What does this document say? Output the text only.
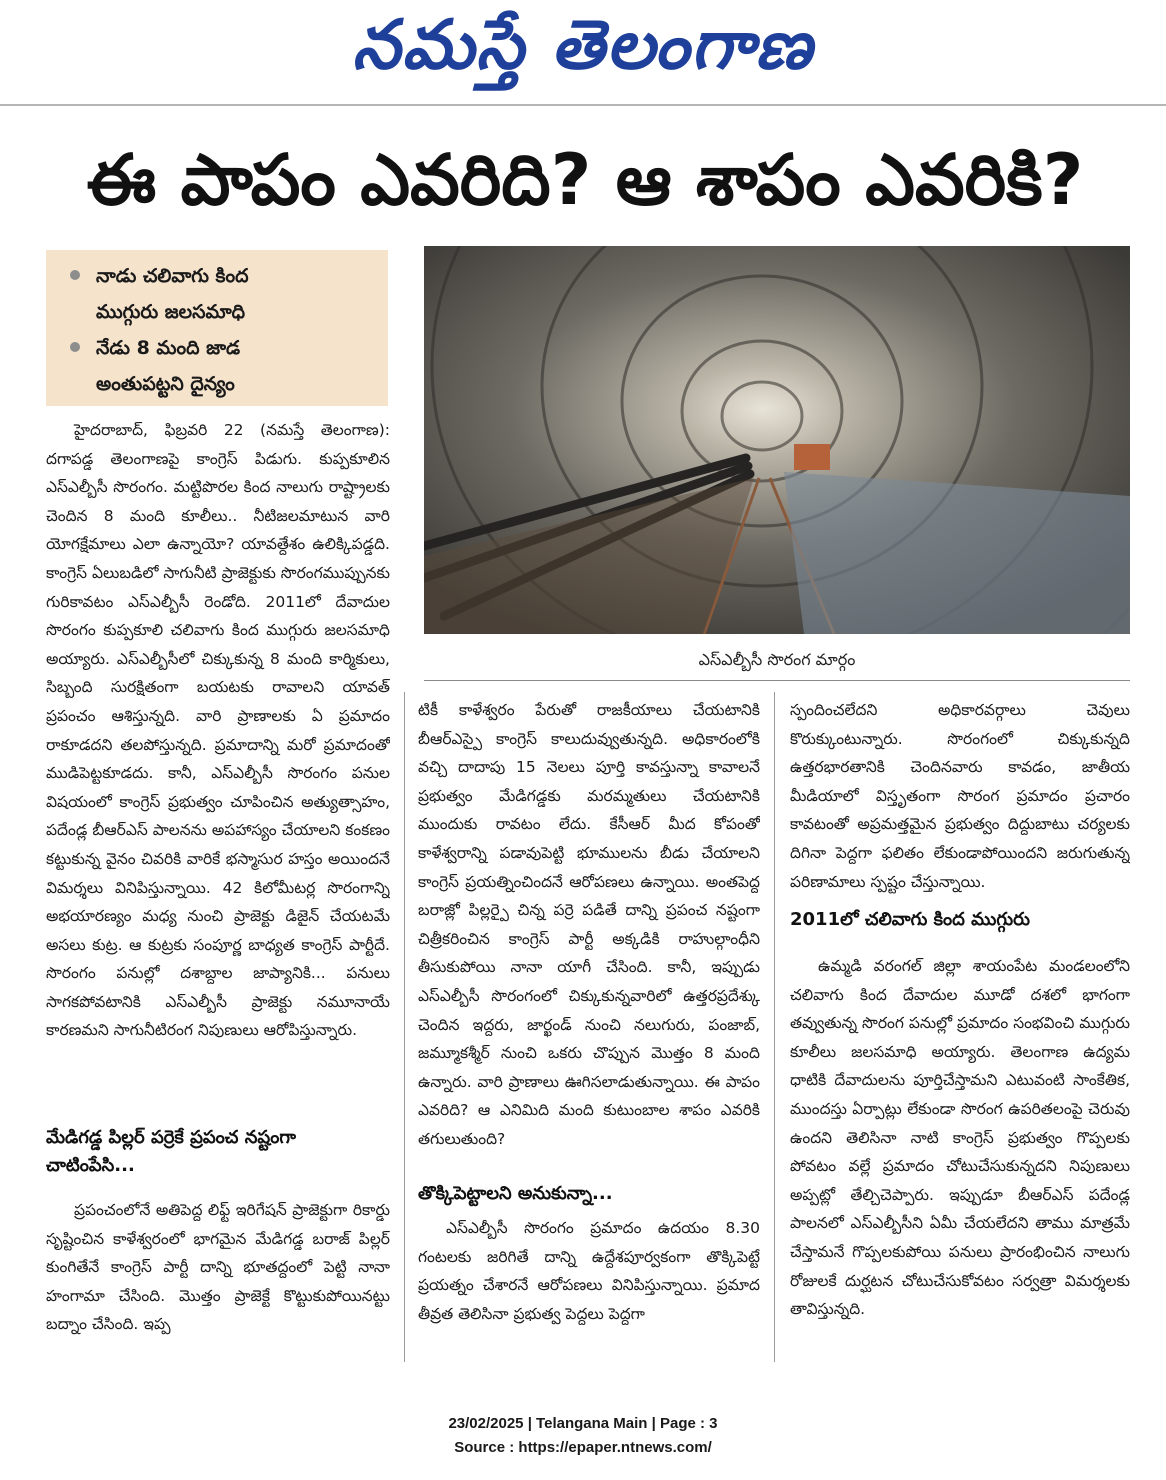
నమస్తే తెలంగాణ
ఈ పాపం ఎవరిది? ఆ శాపం ఎవరికి?
నాడు చలివాగు కింద
ముగ్గురు జలసమాధి
నేడు 8 మంది జాడ
అంతుపట్టని దైన్యం
ఎస్ఎల్బీసీ సొరంగ మార్గం

హైదరాబాద్, ఫిబ్రవరి 22 (నమస్తే తెలంగాణ): దగాపడ్డ తెలంగాణపై కాంగ్రెస్ పిడుగు. కుప్పకూలిన ఎస్ఎల్బీసీ సొరంగం. మట్టిపొరల కింద నాలుగు రాష్ట్రాలకు చెందిన 8 మంది కూలీలు.. నీటిజలమాటున వారి యోగక్షేమాలు ఎలా ఉన్నాయో? యావత్దేశం ఉలిక్కిపడ్డది. కాంగ్రెస్ ఏలుబడిలో సాగునీటి ప్రాజెక్టుకు సొరంగముప్పునకు గురికావటం ఎస్ఎల్బీసీ రెండోది. 2011లో దేవాదుల సొరంగం కుప్పకూలి చలివాగు కింద ముగ్గురు జలసమాధి అయ్యారు. ఎస్ఎల్బీసీలో చిక్కుకున్న 8 మంది కార్మికులు, సిబ్బంది సురక్షితంగా బయటకు రావాలని యావత్ ప్రపంచం ఆశిస్తున్నది. వారి ప్రాణాలకు ఏ ప్రమాదం రాకూడదని తలపోస్తున్నది. ప్రమాదాన్ని మరో ప్రమాదంతో ముడిపెట్టకూడదు. కానీ, ఎస్ఎల్బీసీ సొరంగం పనుల విషయంలో కాంగ్రెస్ ప్రభుత్వం చూపించిన అత్యుత్సాహం, పదేండ్ల బీఆర్ఎస్ పాలనను అపహాస్యం చేయాలని కంకణం కట్టుకున్న వైనం చివరికి వారికే భస్మాసుర హస్తం అయిందనే విమర్శలు వినిపిస్తున్నాయి. 42 కిలోమీటర్ల సొరంగాన్ని అభయారణ్యం మధ్య నుంచి ప్రాజెక్టు డిజైన్ చేయటమే అసలు కుట్ర. ఆ కుట్రకు సంపూర్ణ బాధ్యత కాంగ్రెస్ పార్టీదే. సొరంగం పనుల్లో దశాబ్దాల జాప్యానికి... పనులు సాగకపోవటానికి ఎస్ఎల్బీసీ ప్రాజెక్టు నమూనాయే కారణమని సాగునీటిరంగ నిపుణులు ఆరోపిస్తున్నారు.

మేడిగడ్డ పిల్లర్ పర్రెకే ప్రపంచ నష్టంగా చాటింపేసి...

ప్రపంచంలోనే అతిపెద్ద లిఫ్ట్ ఇరిగేషన్ ప్రాజెక్టుగా రికార్డు సృష్టించిన కాళేశ్వరంలో భాగమైన మేడిగడ్డ బరాజ్ పిల్లర్ కుంగితేనే కాంగ్రెస్ పార్టీ దాన్ని భూతద్దంలో పెట్టి నానా హంగామా చేసింది. మొత్తం ప్రాజెక్టే కొట్టుకుపోయినట్టు బద్నాం చేసింది. ఇప్ప

టికీ కాళేశ్వరం పేరుతో రాజకీయాలు చేయటానికి బీఆర్ఎస్పై కాంగ్రెస్ కాలుదువ్వుతున్నది. అధికారంలోకి వచ్చి దాదాపు 15 నెలలు పూర్తి కావస్తున్నా కావాలనే ప్రభుత్వం మేడిగడ్డకు మరమ్మతులు చేయటానికి ముందుకు రావటం లేదు. కేసీఆర్ మీద కోపంతో కాళేశ్వరాన్ని పడావుపెట్టి భూములను బీడు చేయాలని కాంగ్రెస్ ప్రయత్నించిందనే ఆరోపణలు ఉన్నాయి. అంతపెద్ద బరాజ్లో పిల్లర్పై చిన్న పర్రె పడితే దాన్ని ప్రపంచ నష్టంగా చిత్రీకరించిన కాంగ్రెస్ పార్టీ అక్కడికి రాహుల్గాంధీని తీసుకుపోయి నానా యాగీ చేసింది. కానీ, ఇప్పుడు ఎస్ఎల్బీసీ సొరంగంలో చిక్కుకున్నవారిలో ఉత్తరప్రదేశ్కు చెందిన ఇద్దరు, జార్ఖండ్ నుంచి నలుగురు, పంజాబ్, జమ్మూకశ్మీర్ నుంచి ఒకరు చొప్పున మొత్తం 8 మంది ఉన్నారు. వారి ప్రాణాలు ఊగిసలాడుతున్నాయి. ఈ పాపం ఎవరిది? ఆ ఎనిమిది మంది కుటుంబాల శాపం ఎవరికి తగులుతుంది?

తొక్కిపెట్టాలని అనుకున్నా...

ఎస్ఎల్బీసీ సొరంగం ప్రమాదం ఉదయం 8.30 గంటలకు జరిగితే దాన్ని ఉద్దేశపూర్వకంగా తొక్కిపెట్టే ప్రయత్నం చేశారనే ఆరోపణలు వినిపిస్తున్నాయి. ప్రమాద తీవ్రత తెలిసినా ప్రభుత్వ పెద్దలు పెద్దగా

స్పందించలేదని అధికారవర్గాలు చెవులు కొరుక్కుంటున్నారు. సొరంగంలో చిక్కుకున్నది ఉత్తరభారతానికి చెందినవారు కావడం, జాతీయ మీడియాలో విస్తృతంగా సొరంగ ప్రమాదం ప్రచారం కావటంతో అప్రమత్తమైన ప్రభుత్వం దిద్దుబాటు చర్యలకు దిగినా పెద్దగా ఫలితం లేకుండాపోయిందని జరుగుతున్న పరిణామాలు స్పష్టం చేస్తున్నాయి.

2011లో చలివాగు కింద ముగ్గురు

ఉమ్మడి వరంగల్ జిల్లా శాయంపేట మండలంలోని చలివాగు కింద దేవాదుల మూడో దశలో భాగంగా తవ్వుతున్న సొరంగ పనుల్లో ప్రమాదం సంభవించి ముగ్గురు కూలీలు జలసమాధి అయ్యారు. తెలంగాణ ఉద్యమ ధాటికి దేవాదులను పూర్తిచేస్తామని ఎటువంటి సాంకేతిక, ముందస్తు ఏర్పాట్లు లేకుండా సొరంగ ఉపరితలంపై చెరువు ఉందని తెలిసినా నాటి కాంగ్రెస్ ప్రభుత్వం గొప్పలకు పోవటం వల్లే ప్రమాదం చోటుచేసుకున్నదని నిపుణులు అప్పట్లో తేల్చిచెప్పారు. ఇప్పుడూ బీఆర్ఎస్ పదేండ్ల పాలనలో ఎస్ఎల్బీసీని ఏమీ చేయలేదని తాము మాత్రమే చేస్తామనే గొప్పలకుపోయి పనులు ప్రారంభించిన నాలుగు రోజులకే దుర్ఘటన చోటుచేసుకోవటం సర్వత్రా విమర్శలకు తావిస్తున్నది.

23/02/2025 | Telangana Main | Page : 3
Source : https://epaper.ntnews.com/
